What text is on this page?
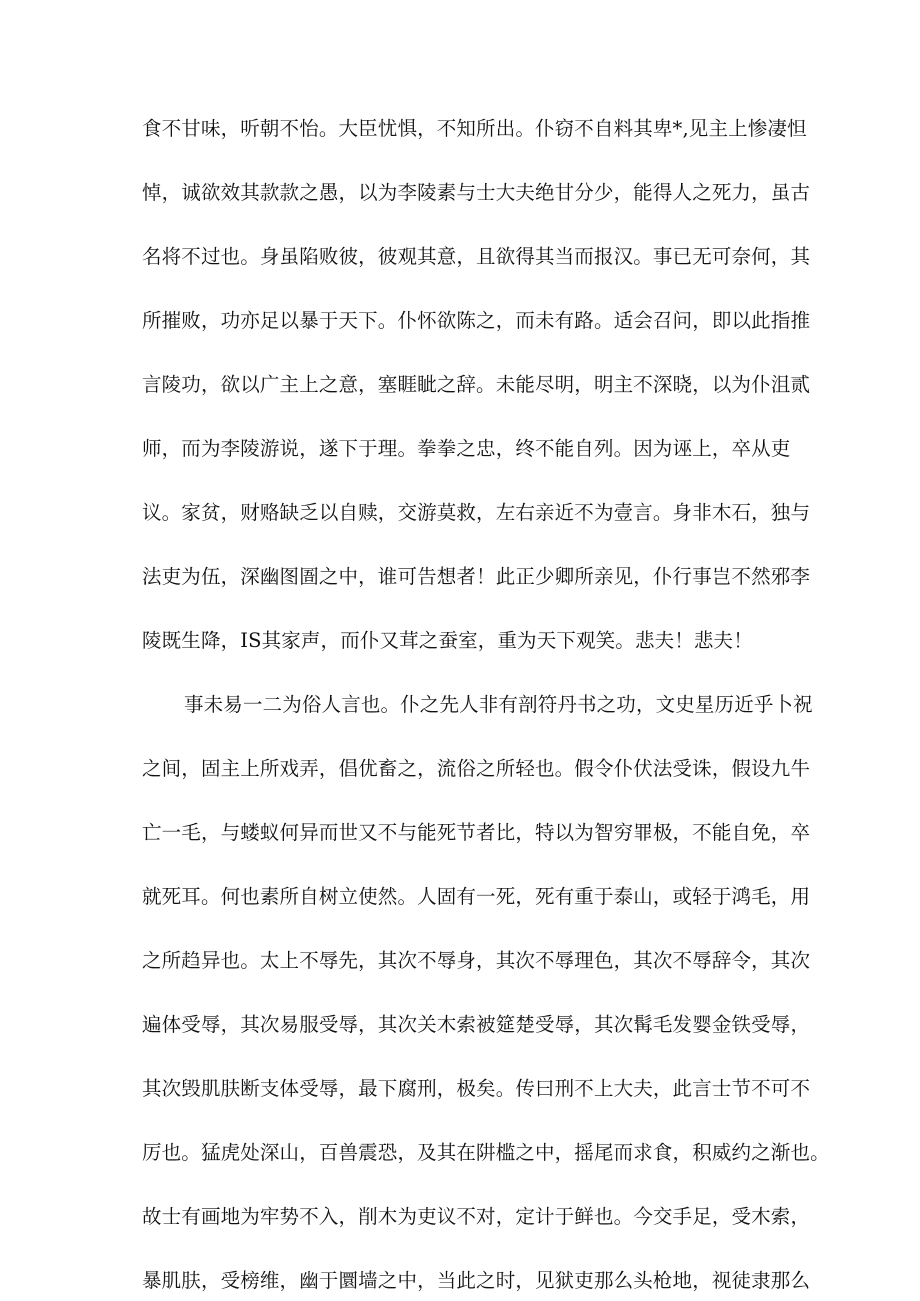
食不甘味，听朝不怡。大臣忧惧，不知所出。仆窃不自料其卑*,见主上惨凄怛
悼，诚欲效其款款之愚，以为李陵素与士大夫绝甘分少，能得人之死力，虽古
名将不过也。身虽陷败彼，彼观其意，且欲得其当而报汉。事已无可奈何，其
所摧败，功亦足以暴于天下。仆怀欲陈之，而未有路。适会召问，即以此指推
言陵功，欲以广主上之意，塞睚眦之辞。未能尽明，明主不深晓，以为仆沮贰
师，而为李陵游说，遂下于理。拳拳之忠，终不能自列。因为诬上，卒从吏
议。家贫，财赂缺乏以自赎，交游莫救，左右亲近不为壹言。身非木石，独与
法吏为伍，深幽图圄之中，谁可告想者！此正少卿所亲见，仆行事岂不然邪李
陵既生降，IS其家声，而仆又茸之蚕室，重为天下观笑。悲夫！悲夫！
事未易一二为俗人言也。仆之先人非有剖符丹书之功，文史星历近乎卜祝
之间，固主上所戏弄，倡优畜之，流俗之所轻也。假令仆伏法受诛，假设九牛
亡一毛，与蝼蚁何异而世又不与能死节者比，特以为智穷罪极，不能自免，卒
就死耳。何也素所自树立使然。人固有一死，死有重于泰山，或轻于鸿毛，用
之所趋异也。太上不辱先，其次不辱身，其次不辱理色，其次不辱辞令，其次
遍体受辱，其次易服受辱，其次关木索被筵楚受辱，其次髯毛发婴金铁受辱，
其次毁肌肤断支体受辱，最下腐刑，极矣。传曰刑不上大夫，此言士节不可不
厉也。猛虎处深山，百兽震恐，及其在阱槛之中，摇尾而求食，积威约之渐也。
故士有画地为牢势不入，削木为吏议不对，定计于鲜也。今交手足，受木索，
暴肌肤，受榜维，幽于圜墙之中，当此之时，见狱吏那么头枪地，视徒隶那么
